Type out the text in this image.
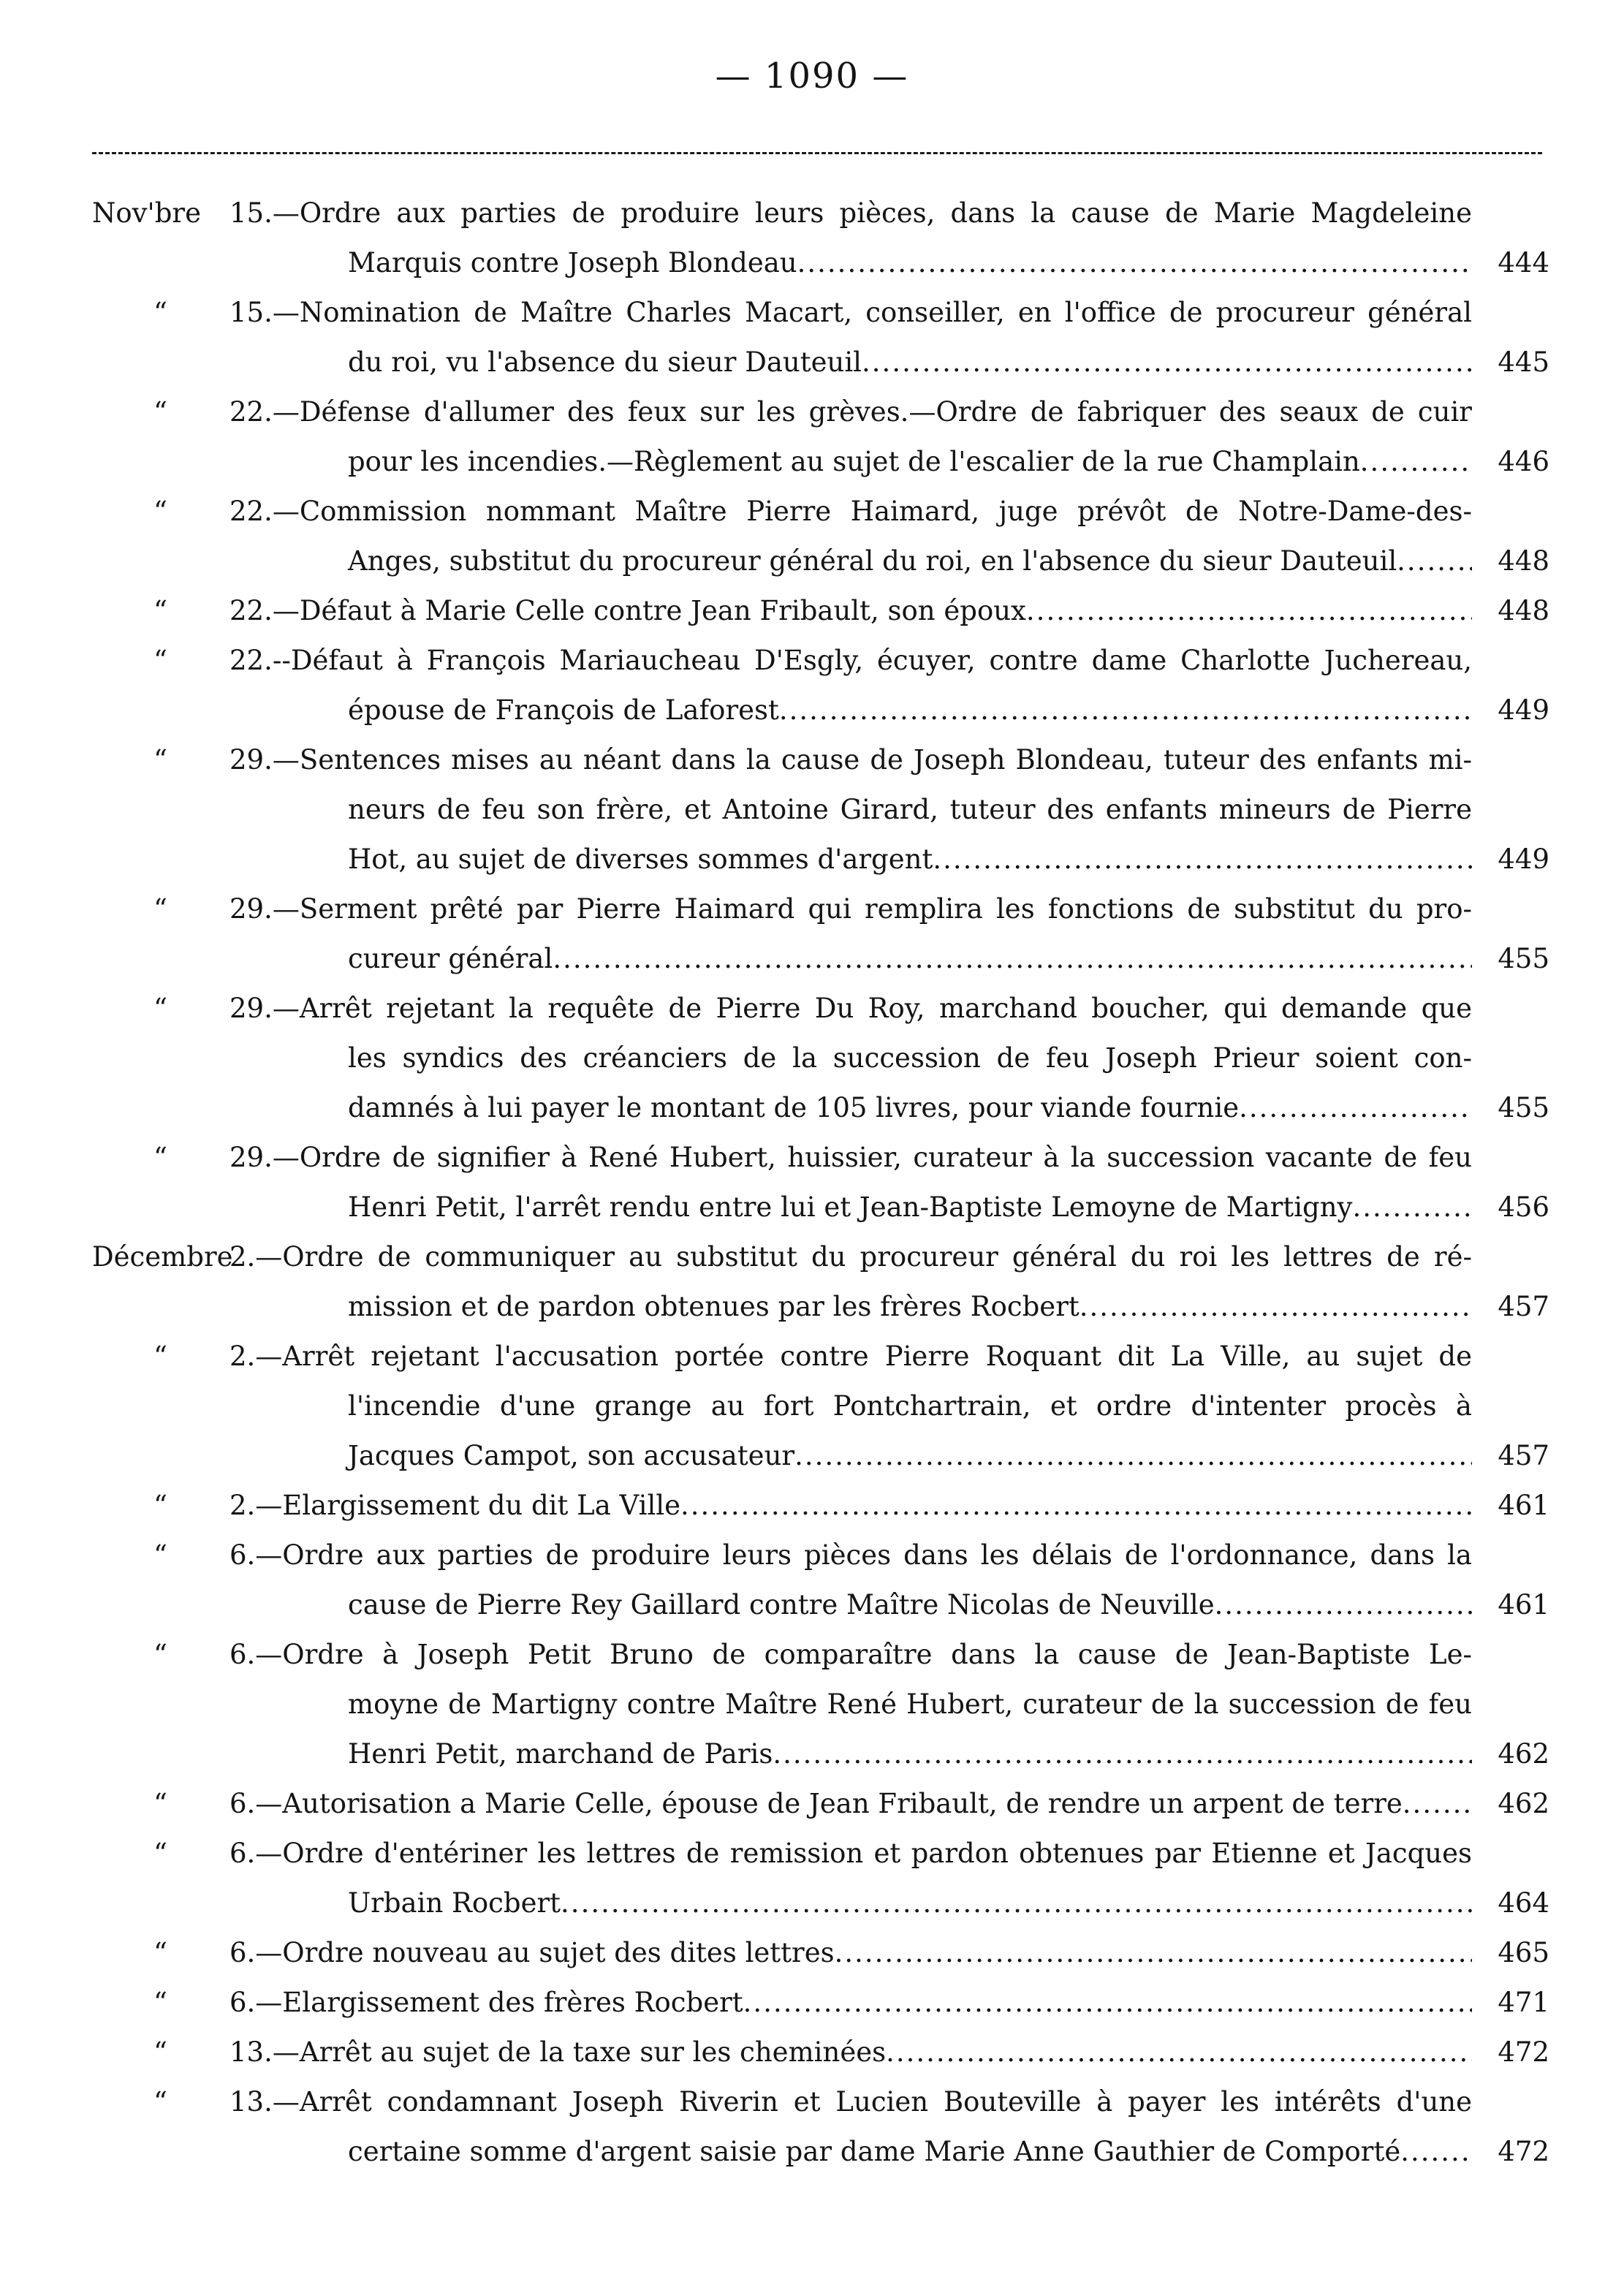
— 1090 —
Nov'bre 15.—Ordre aux parties de produire leurs pièces, dans la cause de Marie Magdeleine
Marquis contre Joseph Blondeau .....	444
“ 15.—Nomination de Maître Charles Macart, conseiller, en l'office de procureur général
du roi, vu l'absence du sieur Dauteuil .....	445
“ 22.—Défense d'allumer des feux sur les grèves.—Ordre de fabriquer des seaux de cuir
pour les incendies.—Règlement au sujet de l'escalier de la rue Champlain .....	446
“ 22.—Commission nommant Maître Pierre Haimard, juge prévôt de Notre-Dame-des-
Anges, substitut du procureur général du roi, en l'absence du sieur Dauteuil .....	448
“ 22.—Défaut à Marie Celle contre Jean Fribault, son époux .....	448
“ 22.--Défaut à François Mariaucheau D'Esgly, écuyer, contre dame Charlotte Juchereau,
épouse de François de Laforest .....	449
“ 29.—Sentences mises au néant dans la cause de Joseph Blondeau, tuteur des enfants mi-
neurs de feu son frère, et Antoine Girard, tuteur des enfants mineurs de Pierre
Hot, au sujet de diverses sommes d'argent .....	449
“ 29.—Serment prêté par Pierre Haimard qui remplira les fonctions de substitut du pro-
cureur général .....	455
“ 29.—Arrêt rejetant la requête de Pierre Du Roy, marchand boucher, qui demande que
les syndics des créanciers de la succession de feu Joseph Prieur soient con-
damnés à lui payer le montant de 105 livres, pour viande fournie .....	455
“ 29.—Ordre de signifier à René Hubert, huissier, curateur à la succession vacante de feu
Henri Petit, l'arrêt rendu entre lui et Jean-Baptiste Lemoyne de Martigny .....	456
Décembre
2.—Ordre de communiquer au substitut du procureur général du roi les lettres de ré-
mission et de pardon obtenues par les frères Rocbert .....	457
“ 2.—Arrêt rejetant l'accusation portée contre Pierre Roquant dit La Ville, au sujet de
l'incendie d'une grange au fort Pontchartrain, et ordre d'intenter procès à
Jacques Campot, son accusateur .....	457
“ 2.—Elargissement du dit La Ville .....	461
“ 6.—Ordre aux parties de produire leurs pièces dans les délais de l'ordonnance, dans la
cause de Pierre Rey Gaillard contre Maître Nicolas de Neuville .....	461
“ 6.—Ordre à Joseph Petit Bruno de comparaître dans la cause de Jean-Baptiste Le-
moyne de Martigny contre Maître René Hubert, curateur de la succession de feu
Henri Petit, marchand de Paris .....	462
“ 6.—Autorisation a Marie Celle, épouse de Jean Fribault, de rendre un arpent de terre .....	462
“ 6.—Ordre d'entériner les lettres de remission et pardon obtenues par Etienne et Jacques
Urbain Rocbert .....	464
“ 6.—Ordre nouveau au sujet des dites lettres .....	465
“ 6.—Elargissement des frères Rocbert .....	471
“ 13.—Arrêt au sujet de la taxe sur les cheminées .....	472
“ 13.—Arrêt condamnant Joseph Riverin et Lucien Bouteville à payer les intérêts d'une
certaine somme d'argent saisie par dame Marie Anne Gauthier de Comporté .....	472
